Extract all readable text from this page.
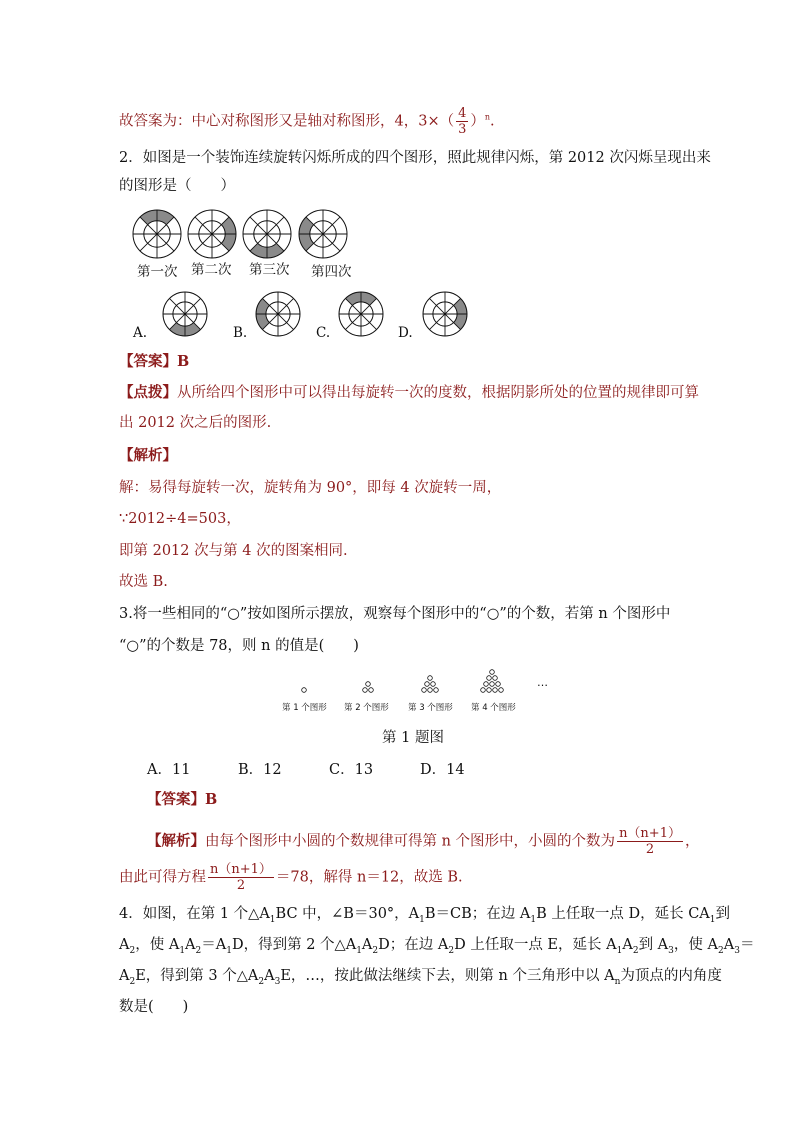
故答案为：中心对称图形又是轴对称图形，4，$3\times( \frac{4}{3} )^n$.
2．如图是一个装饰连续旋转闪烁所成的四个图形，照此规律闪烁，第 2012 次闪烁呈现出来
的图形是（　　）
第一次 第二次 第三次 第四次
A.	B.	C.	D.
【答案】B
【点拨】从所给四个图形中可以得出每旋转一次的度数，根据阴影所处的位置的规律即可算
出 2012 次之后的图形.
【解析】
解：易得每旋转一次，旋转角为 90°，即每 4 次旋转一周，
∵2012÷4=503，
即第 2012 次与第 4 次的图案相同.
故选 B.
3.将一些相同的“○”按如图所示摆放，观察每个图形中的“○”的个数，若第 n 个图形中
“○”的个数是 78，则 n 的值是(　　)
…
第 1 个图形 第 2 个图形 第 3 个图形 第 4 个图形
第 1 题图
A．11	B．12	C．13	D．14
【答案】B
【解析】由每个图形中小圆的个数规律可得第 n 个图形中，小圆的个数为 $\frac{n(n+1)}{2}$ ，
由此可得方程 $\frac{n(n+1)}{2} =78$，解得 n＝12，故选 B.
4．如图，在第 1 个$\triangle A_1BC$ 中，∠B＝30°，$A_1B=CB$；在边 $A_1B$ 上任取一点 D，延长 $CA_1$到
$A_2$，使 $A_1A_2=A_1D$，得到第 2 个$\triangle A_1A_2D$；在边 $A_2D$ 上任取一点 E，延长 $A_1A_2$到 $A_3$，使 $A_2A_3=$
$A_2E$，得到第 3 个$\triangle A_2A_3E$，…，按此做法继续下去，则第 n 个三角形中以 $A_n$为顶点的内角度
数是(　　)
